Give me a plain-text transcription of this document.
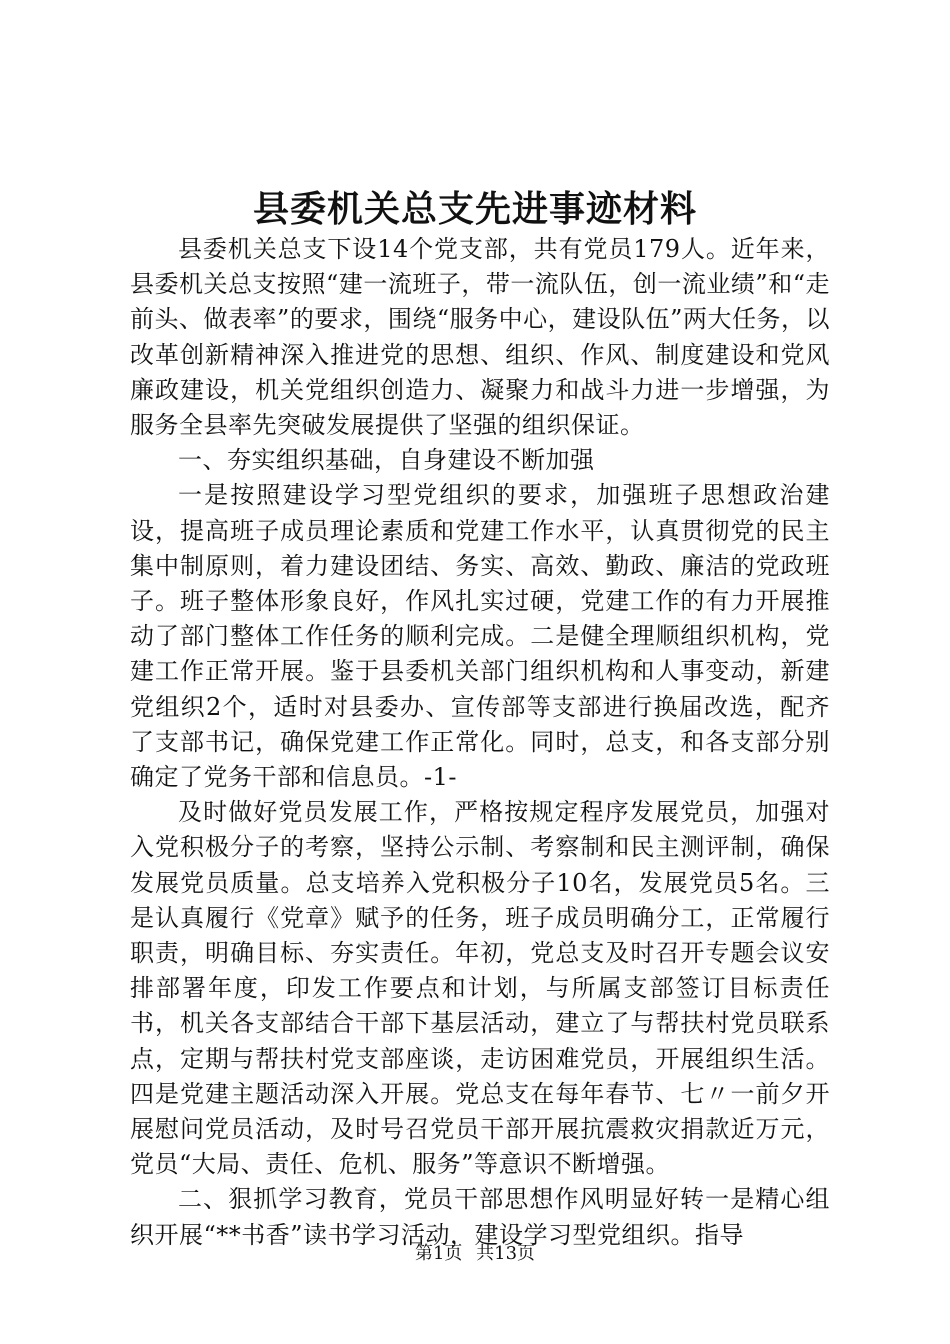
县委机关总支先进事迹材料

县委机关总支下设14个党支部，共有党员179人。近年来，县委机关总支按照“建一流班子，带一流队伍，创一流业绩”和“走前头、做表率”的要求，围绕“服务中心，建设队伍”两大任务，以改革创新精神深入推进党的思想、组织、作风、制度建设和党风廉政建设，机关党组织创造力、凝聚力和战斗力进一步增强，为服务全县率先突破发展提供了坚强的组织保证。

一、夯实组织基础，自身建设不断加强

一是按照建设学习型党组织的要求，加强班子思想政治建设，提高班子成员理论素质和党建工作水平，认真贯彻党的民主集中制原则，着力建设团结、务实、高效、勤政、廉洁的党政班子。班子整体形象良好，作风扎实过硬，党建工作的有力开展推动了部门整体工作任务的顺利完成。二是健全理顺组织机构，党建工作正常开展。鉴于县委机关部门组织机构和人事变动，新建党组织2个，适时对县委办、宣传部等支部进行换届改选，配齐了支部书记，确保党建工作正常化。同时，总支，和各支部分别确定了党务干部和信息员。-1-

及时做好党员发展工作，严格按规定程序发展党员，加强对入党积极分子的考察，坚持公示制、考察制和民主测评制，确保发展党员质量。总支培养入党积极分子10名，发展党员5名。三是认真履行《党章》赋予的任务，班子成员明确分工，正常履行职责，明确目标、夯实责任。年初，党总支及时召开专题会议安排部署年度，印发工作要点和计划，与所属支部签订目标责任书，机关各支部结合干部下基层活动，建立了与帮扶村党员联系点，定期与帮扶村党支部座谈，走访困难党员，开展组织生活。四是党建主题活动深入开展。党总支在每年春节、七〃一前夕开展慰问党员活动，及时号召党员干部开展抗震救灾捐款近万元，党员“大局、责任、危机、服务”等意识不断增强。

二、狠抓学习教育，党员干部思想作风明显好转一是精心组织开展“**书香”读书学习活动，建设学习型党组织。指导

第1页 共13页
